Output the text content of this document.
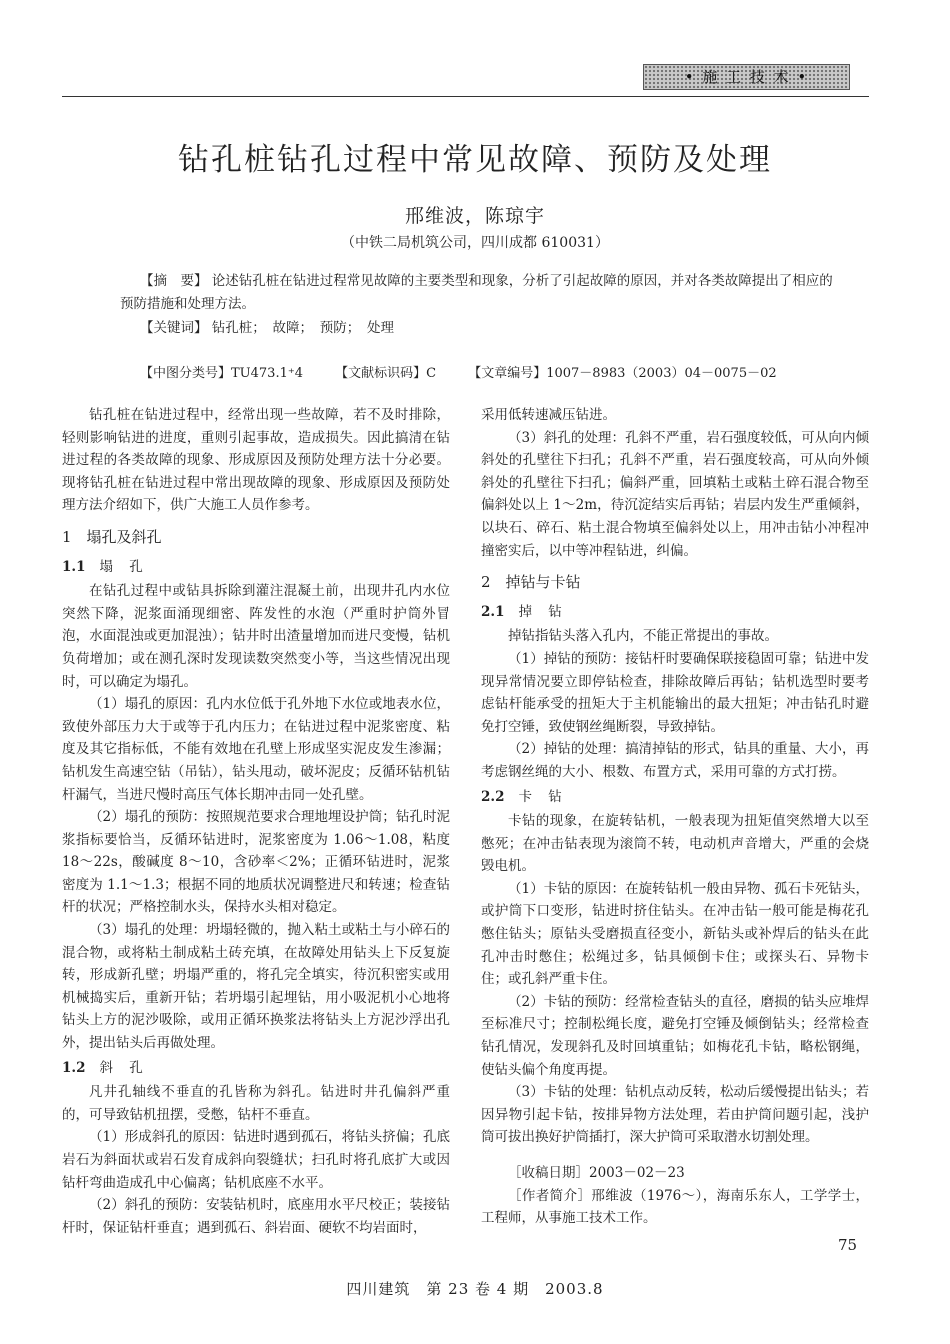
• 施 工 技 术 •
钻孔桩钻孔过程中常见故障、预防及处理
邢维波，陈琼宇
（中铁二局机筑公司，四川成都 610031）

【摘　要】 论述钻孔桩在钻进过程常见故障的主要类型和现象，分析了引起故障的原因，并对各类故障提出了相应的预防措施和处理方法。

【关键词】 钻孔桩；　故障；　预防；　处理
【中图分类号】TU473.1⁺4 【文献标识码】C 【文章编号】1007－8983（2003）04－0075－02

钻孔桩在钻进过程中，经常出现一些故障，若不及时排除，轻则影响钻进的进度，重则引起事故，造成损失。因此搞清在钻进过程的各类故障的现象、形成原因及预防处理方法十分必要。现将钻孔桩在钻进过程中常出现故障的现象、形成原因及预防处理方法介绍如下，供广大施工人员作参考。

1　塌孔及斜孔

1.1 塌 孔

在钻孔过程中或钻具拆除到灌注混凝土前，出现井孔内水位突然下降，泥浆面涌现细密、阵发性的水泡（严重时护筒外冒泡，水面混浊或更加混浊）；钻井时出渣量增加而进尺变慢，钻机负荷增加；或在测孔深时发现读数突然变小等，当这些情况出现时，可以确定为塌孔。

（1）塌孔的原因：孔内水位低于孔外地下水位或地表水位，致使外部压力大于或等于孔内压力；在钻进过程中泥浆密度、粘度及其它指标低，不能有效地在孔壁上形成坚实泥皮发生渗漏；钻机发生高速空钻（吊钻），钻头甩动，破坏泥皮；反循环钻机钻杆漏气，当进尺慢时高压气体长期冲击同一处孔壁。

（2）塌孔的预防：按照规范要求合理地埋设护筒；钻孔时泥浆指标要恰当，反循环钻进时，泥浆密度为 1.06～1.08，粘度 18～22s，酸碱度 8～10，含砂率＜2%；正循环钻进时，泥浆密度为 1.1～1.3；根据不同的地质状况调整进尺和转速；检查钻杆的状况；严格控制水头，保持水头相对稳定。

（3）塌孔的处理：坍塌轻微的，抛入粘土或粘土与小碎石的混合物，或将粘土制成粘土砖充填，在故障处用钻头上下反复旋转，形成新孔壁；坍塌严重的，将孔完全填实，待沉积密实或用机械捣实后，重新开钻；若坍塌引起埋钻，用小吸泥机小心地将钻头上方的泥沙吸除，或用正循环换浆法将钻头上方泥沙浮出孔外，提出钻头后再做处理。

1.2 斜 孔

凡井孔轴线不垂直的孔皆称为斜孔。钻进时井孔偏斜严重的，可导致钻机扭摆，受憋，钻杆不垂直。

（1）形成斜孔的原因：钻进时遇到孤石，将钻头挤偏；孔底岩石为斜面状或岩石发育成斜向裂缝状；扫孔时将孔底扩大或因钻杆弯曲造成孔中心偏离；钻机底座不水平。

（2）斜孔的预防：安装钻机时，底座用水平尺校正；装接钻杆时，保证钻杆垂直；遇到孤石、斜岩面、硬软不均岩面时，

采用低转速减压钻进。

（3）斜孔的处理：孔斜不严重，岩石强度较低，可从向内倾斜处的孔壁往下扫孔；孔斜不严重，岩石强度较高，可从向外倾斜处的孔壁往下扫孔；偏斜严重，回填粘土或粘土碎石混合物至偏斜处以上 1～2m，待沉淀结实后再钻；岩层内发生严重倾斜，以块石、碎石、粘土混合物填至偏斜处以上，用冲击钻小冲程冲撞密实后，以中等冲程钻进，纠偏。

2　掉钻与卡钻

2.1 掉 钻

掉钻指钻头落入孔内，不能正常提出的事故。

（1）掉钻的预防：接钻杆时要确保联接稳固可靠；钻进中发现异常情况要立即停钻检查，排除故障后再钻；钻机选型时要考虑钻杆能承受的扭矩大于主机能输出的最大扭矩；冲击钻孔时避免打空锤，致使钢丝绳断裂，导致掉钻。

（2）掉钻的处理：搞清掉钻的形式，钻具的重量、大小，再考虑钢丝绳的大小、根数、布置方式，采用可靠的方式打捞。

2.2 卡 钻

卡钻的现象，在旋转钻机，一般表现为扭矩值突然增大以至憋死；在冲击钻表现为滚筒不转，电动机声音增大，严重的会烧毁电机。

（1）卡钻的原因：在旋转钻机一般由异物、孤石卡死钻头，或护筒下口变形，钻进时挤住钻头。在冲击钻一般可能是梅花孔憋住钻头；原钻头受磨损直径变小，新钻头或补焊后的钻头在此孔冲击时憋住；松绳过多，钻具倾倒卡住；或探头石、异物卡住；或孔斜严重卡住。

（2）卡钻的预防：经常检查钻头的直径，磨损的钻头应堆焊至标准尺寸；控制松绳长度，避免打空锤及倾倒钻头；经常检查钻孔情况，发现斜孔及时回填重钻；如梅花孔卡钻，略松钢绳，使钻头偏个角度再提。

（3）卡钻的处理：钻机点动反转，松动后缓慢提出钻头；若因异物引起卡钻，按排异物方法处理，若由护筒问题引起，浅护筒可拔出换好护筒插打，深大护筒可采取潜水切割处理。

［收稿日期］2003－02－23

［作者简介］邢维波（1976～），海南乐东人，工学学士，工程师，从事施工技术工作。

75
四川建筑　第 23 卷 4 期　2003.8
